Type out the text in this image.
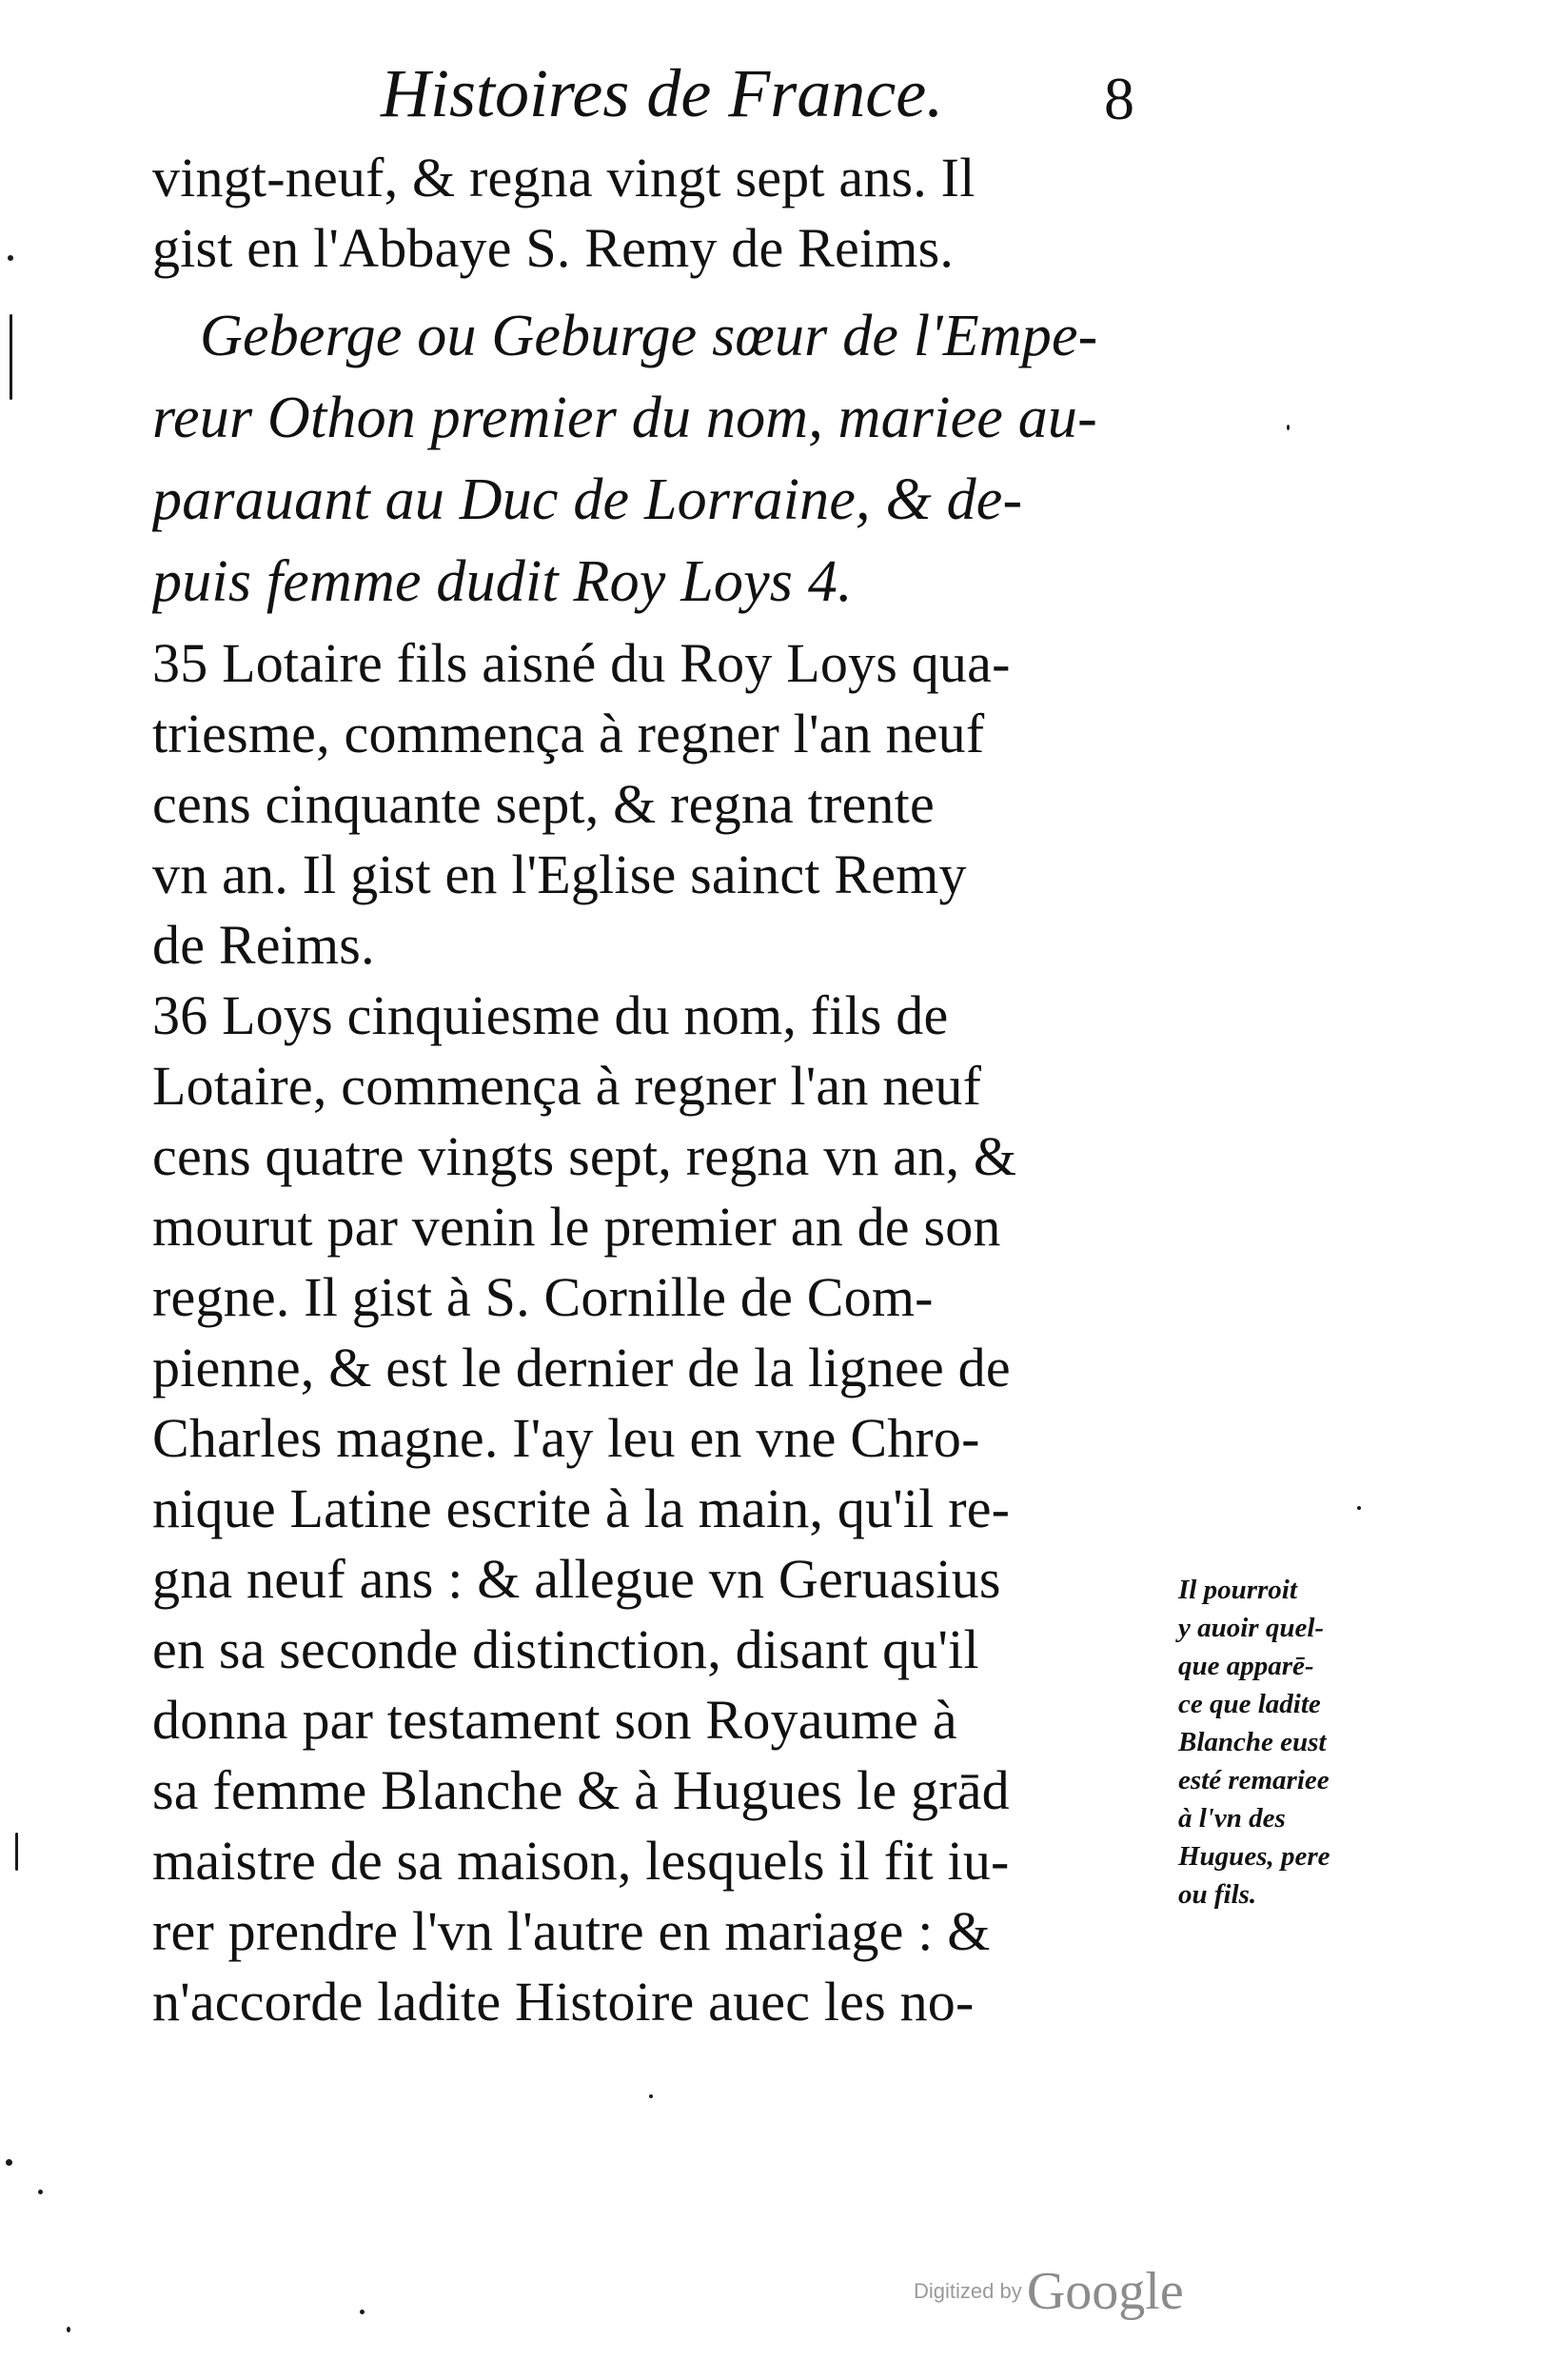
Histoires de France.	8
vingt-neuf, & regna vingt sept ans. Il
gist en l'Abbaye S. Remy de Reims.
Geberge ou Geburge sœur de l'Empe-
reur Othon premier du nom, mariee au-
parauant au Duc de Lorraine, & de-
puis femme dudit Roy Loys 4.
35 Lotaire fils aisné du Roy Loys qua-
triesme, commença à regner l'an neuf
cens cinquante sept, & regna trente
vn an. Il gist en l'Eglise sainct Remy
de Reims.
36 Loys cinquiesme du nom, fils de
Lotaire, commença à regner l'an neuf
cens quatre vingts sept, regna vn an, &
mourut par venin le premier an de son
regne. Il gist à S. Cornille de Com-
pienne, & est le dernier de la lignee de
Charles magne. I'ay leu en vne Chro-
nique Latine escrite à la main, qu'il re-
gna neuf ans : & allegue vn Geruasius
en sa seconde distinction, disant qu'il
donna par testament son Royaume à
sa femme Blanche & à Hugues le grād
maistre de sa maison, lesquels il fit iu-
rer prendre l'vn l'autre en mariage : &
n'accorde ladite Histoire auec les no-
Il pourroit
y auoir quel-
que apparē-
ce que ladite
Blanche eust
esté remariee
à l'vn des
Hugues, pere
ou fils.
Digitized by Google
